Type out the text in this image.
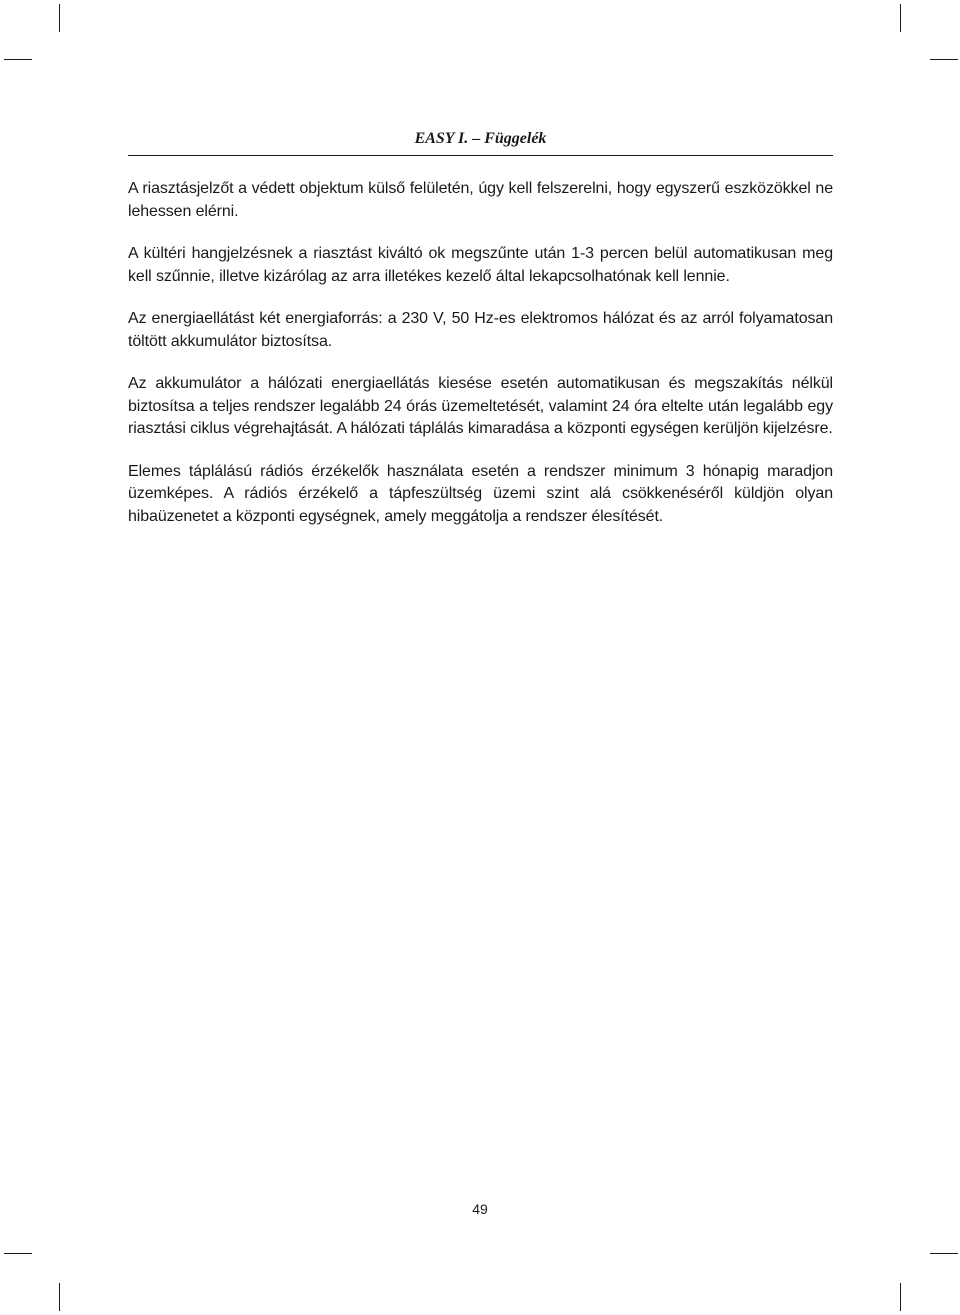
EASY I. – Függelék

A riasztásjelzőt a védett objektum külső felületén, úgy kell felszerelni, hogy egyszerű eszközökkel ne lehessen elérni.

A kültéri hangjelzésnek a riasztást kiváltó ok megszűnte után 1-3 percen belül automatikusan meg kell szűnnie, illetve kizárólag az arra illetékes kezelő által lekapcsolhatónak kell lennie.

Az energiaellátást két energiaforrás: a 230 V, 50 Hz-es elektromos hálózat és az arról folyamatosan töltött akkumulátor biztosítsa.

Az akkumulátor a hálózati energiaellátás kiesése esetén automatikusan és megszakítás nélkül biztosítsa a teljes rendszer legalább 24 órás üzemeltetését, valamint 24 óra eltelte után legalább egy riasztási ciklus végrehajtását. A hálózati táplálás kimaradása a központi egységen kerüljön kijelzésre.

Elemes táplálású rádiós érzékelők használata esetén a rendszer minimum 3 hónapig maradjon üzemképes. A rádiós érzékelő a tápfeszültség üzemi szint alá csökkenéséről küldjön olyan hibaüzenetet a központi egységnek, amely meggátolja a rendszer élesítését.

49
